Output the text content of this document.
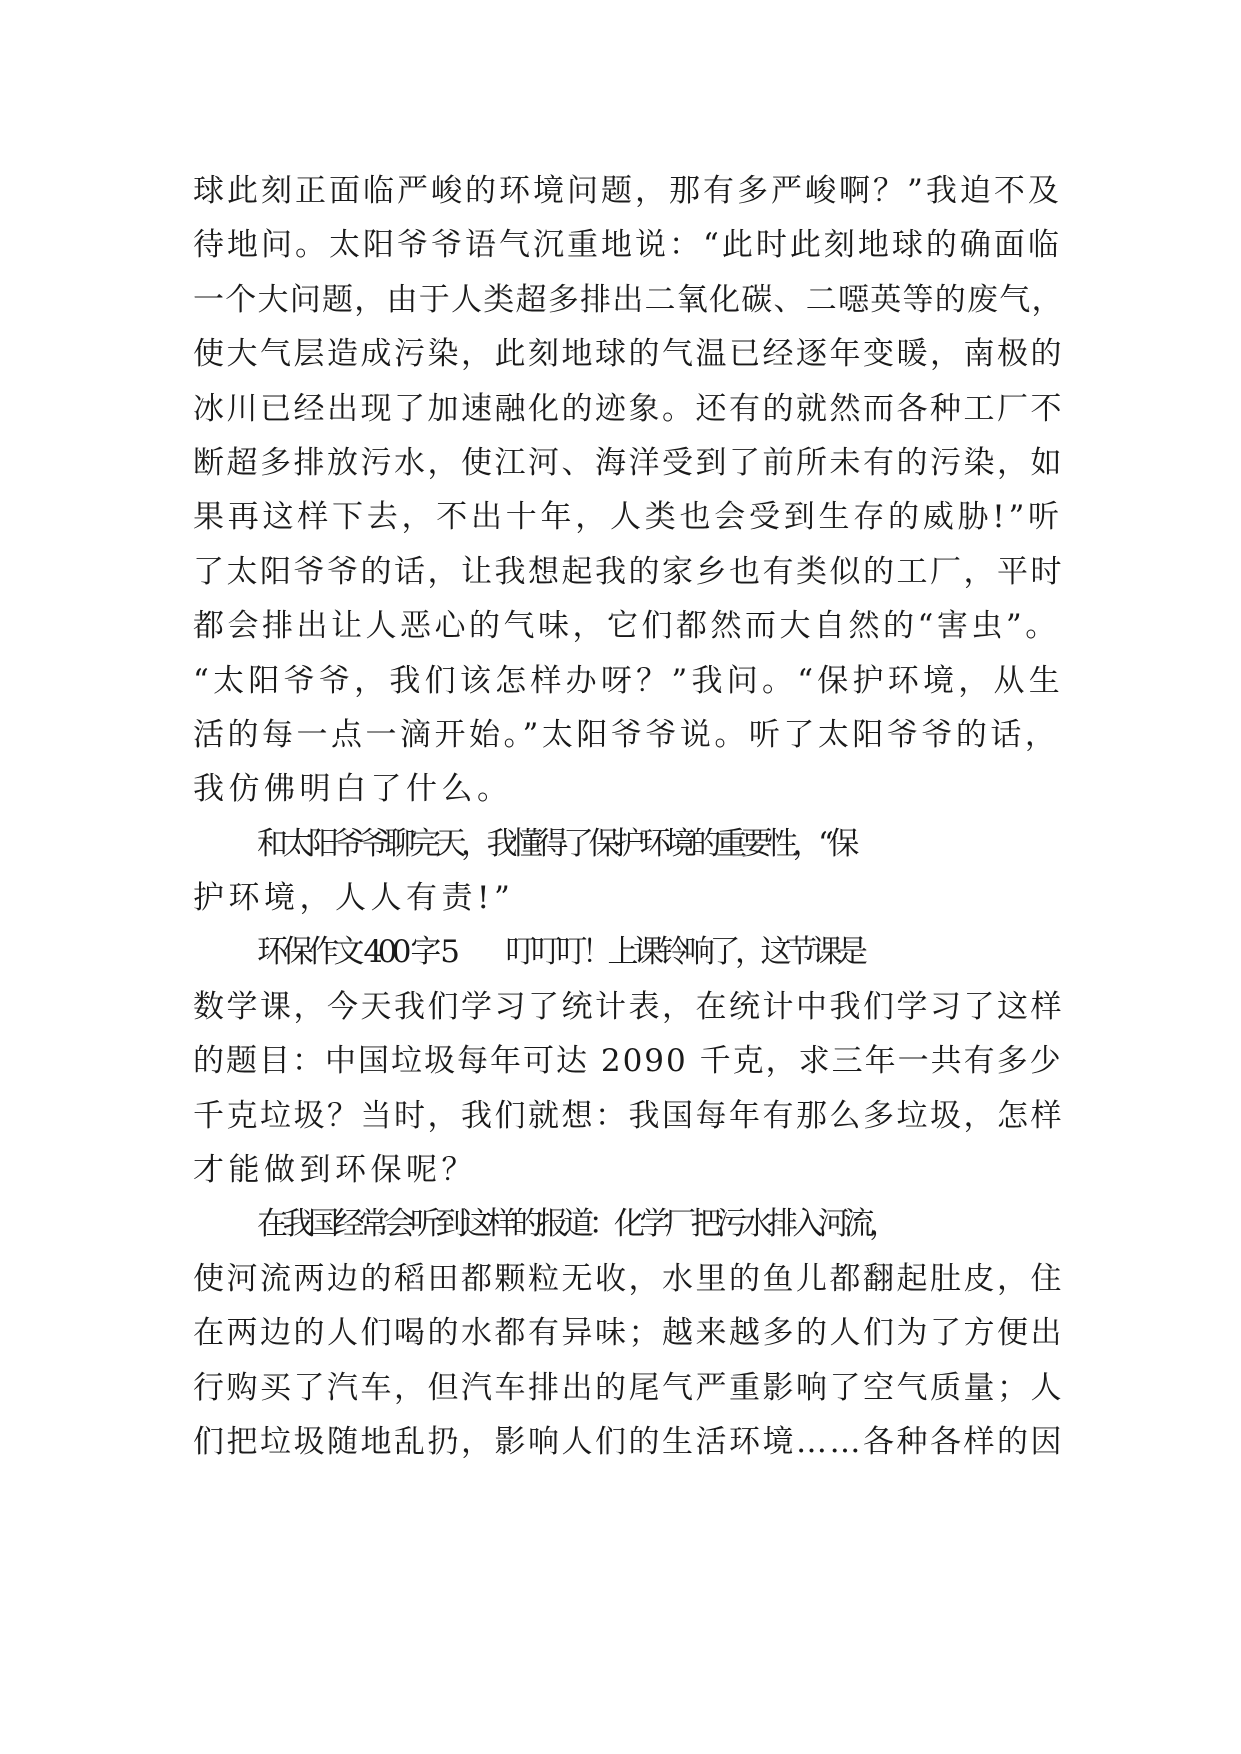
球此刻正面临严峻的环境问题，那有多严峻啊？”我迫不及
待地问。太阳爷爷语气沉重地说：“此时此刻地球的确面临
一个大问题，由于人类超多排出二氧化碳、二噁英等的废气，
使大气层造成污染，此刻地球的气温已经逐年变暖，南极的
冰川已经出现了加速融化的迹象。还有的就然而各种工厂不
断超多排放污水，使江河、海洋受到了前所未有的污染，如
果再这样下去，不出十年，人类也会受到生存的威胁!”听
了太阳爷爷的话，让我想起我的家乡也有类似的工厂，平时
都会排出让人恶心的气味，它们都然而大自然的“害虫”。
“太阳爷爷，我们该怎样办呀？”我问。“保护环境，从生
活的每一点一滴开始。”太阳爷爷说。听了太阳爷爷的话，
我仿佛明白了什么。
和太阳爷爷聊完天，我懂得了保护环境的重要性，“保
护环境，人人有责!”
环保作文 400 字 5　　叮叮叮！上课铃响了，这节课是
数学课，今天我们学习了统计表，在统计中我们学习了这样
的题目：中国垃圾每年可达 2090 千克，求三年一共有多少
千克垃圾？当时，我们就想：我国每年有那么多垃圾，怎样
才能做到环保呢？
在我国经常会听到这样的报道：化学厂把污水排入河流，
使河流两边的稻田都颗粒无收，水里的鱼儿都翻起肚皮，住
在两边的人们喝的水都有异味；越来越多的人们为了方便出
行购买了汽车，但汽车排出的尾气严重影响了空气质量；人
们把垃圾随地乱扔，影响人们的生活环境……各种各样的因
